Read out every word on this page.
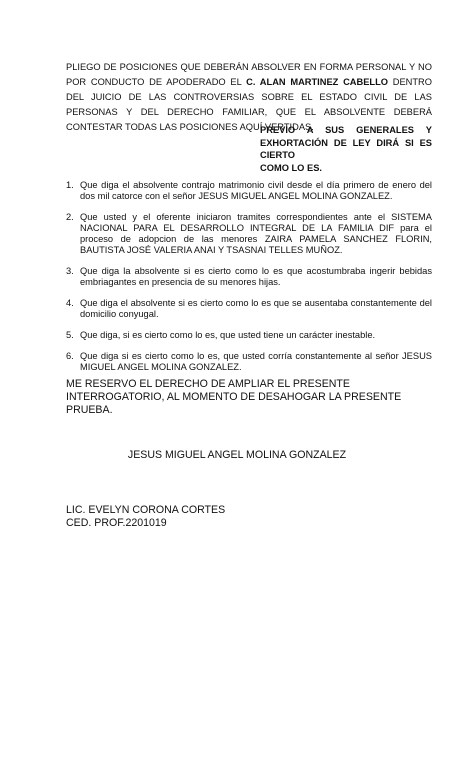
PLIEGO DE POSICIONES QUE DEBERÁN ABSOLVER EN FORMA PERSONAL Y NO POR CONDUCTO DE APODERADO EL C. ALAN MARTINEZ CABELLO DENTRO DEL JUICIO DE LAS CONTROVERSIAS SOBRE EL ESTADO CIVIL DE LAS PERSONAS Y DEL DERECHO FAMILIAR, QUE EL ABSOLVENTE DEBERÁ CONTESTAR TODAS LAS POSICIONES AQUÍ VERTIDAS.

PREVIO A SUS GENERALES Y EXHORTACIÓN DE LEY DIRÁ SI ES CIERTO
COMO LO ES.
1. Que diga el absolvente contrajo matrimonio civil desde el día primero de enero del dos mil catorce con el señor JESUS MIGUEL ANGEL MOLINA GONZALEZ.
2. Que usted y el oferente iniciaron tramites correspondientes ante el SISTEMA NACIONAL PARA EL DESARROLLO INTEGRAL DE LA FAMILIA DIF para el proceso de adopcion de las menores ZAIRA PAMELA SANCHEZ FLORIN, BAUTISTA JOSÉ VALERIA ANAI Y TSASNAI TELLES MUÑOZ.
3. Que diga la absolvente si es cierto como lo es que acostumbraba ingerir bebidas embriagantes en presencia de su menores hijas.
4. Que diga el absolvente si es cierto como lo es que se ausentaba constantemente del domicilio conyugal.
5. Que diga, si es cierto como lo es, que usted tiene un carácter inestable.
6. Que diga si es cierto como lo es, que usted corría constantemente al señor JESUS MIGUEL ANGEL MOLINA GONZALEZ.

ME RESERVO EL DERECHO DE AMPLIAR EL PRESENTE INTERROGATORIO, AL MOMENTO DE DESAHOGAR LA PRESENTE PRUEBA.

JESUS MIGUEL ANGEL MOLINA GONZALEZ
LIC. EVELYN CORONA CORTES
CED. PROF.2201019
